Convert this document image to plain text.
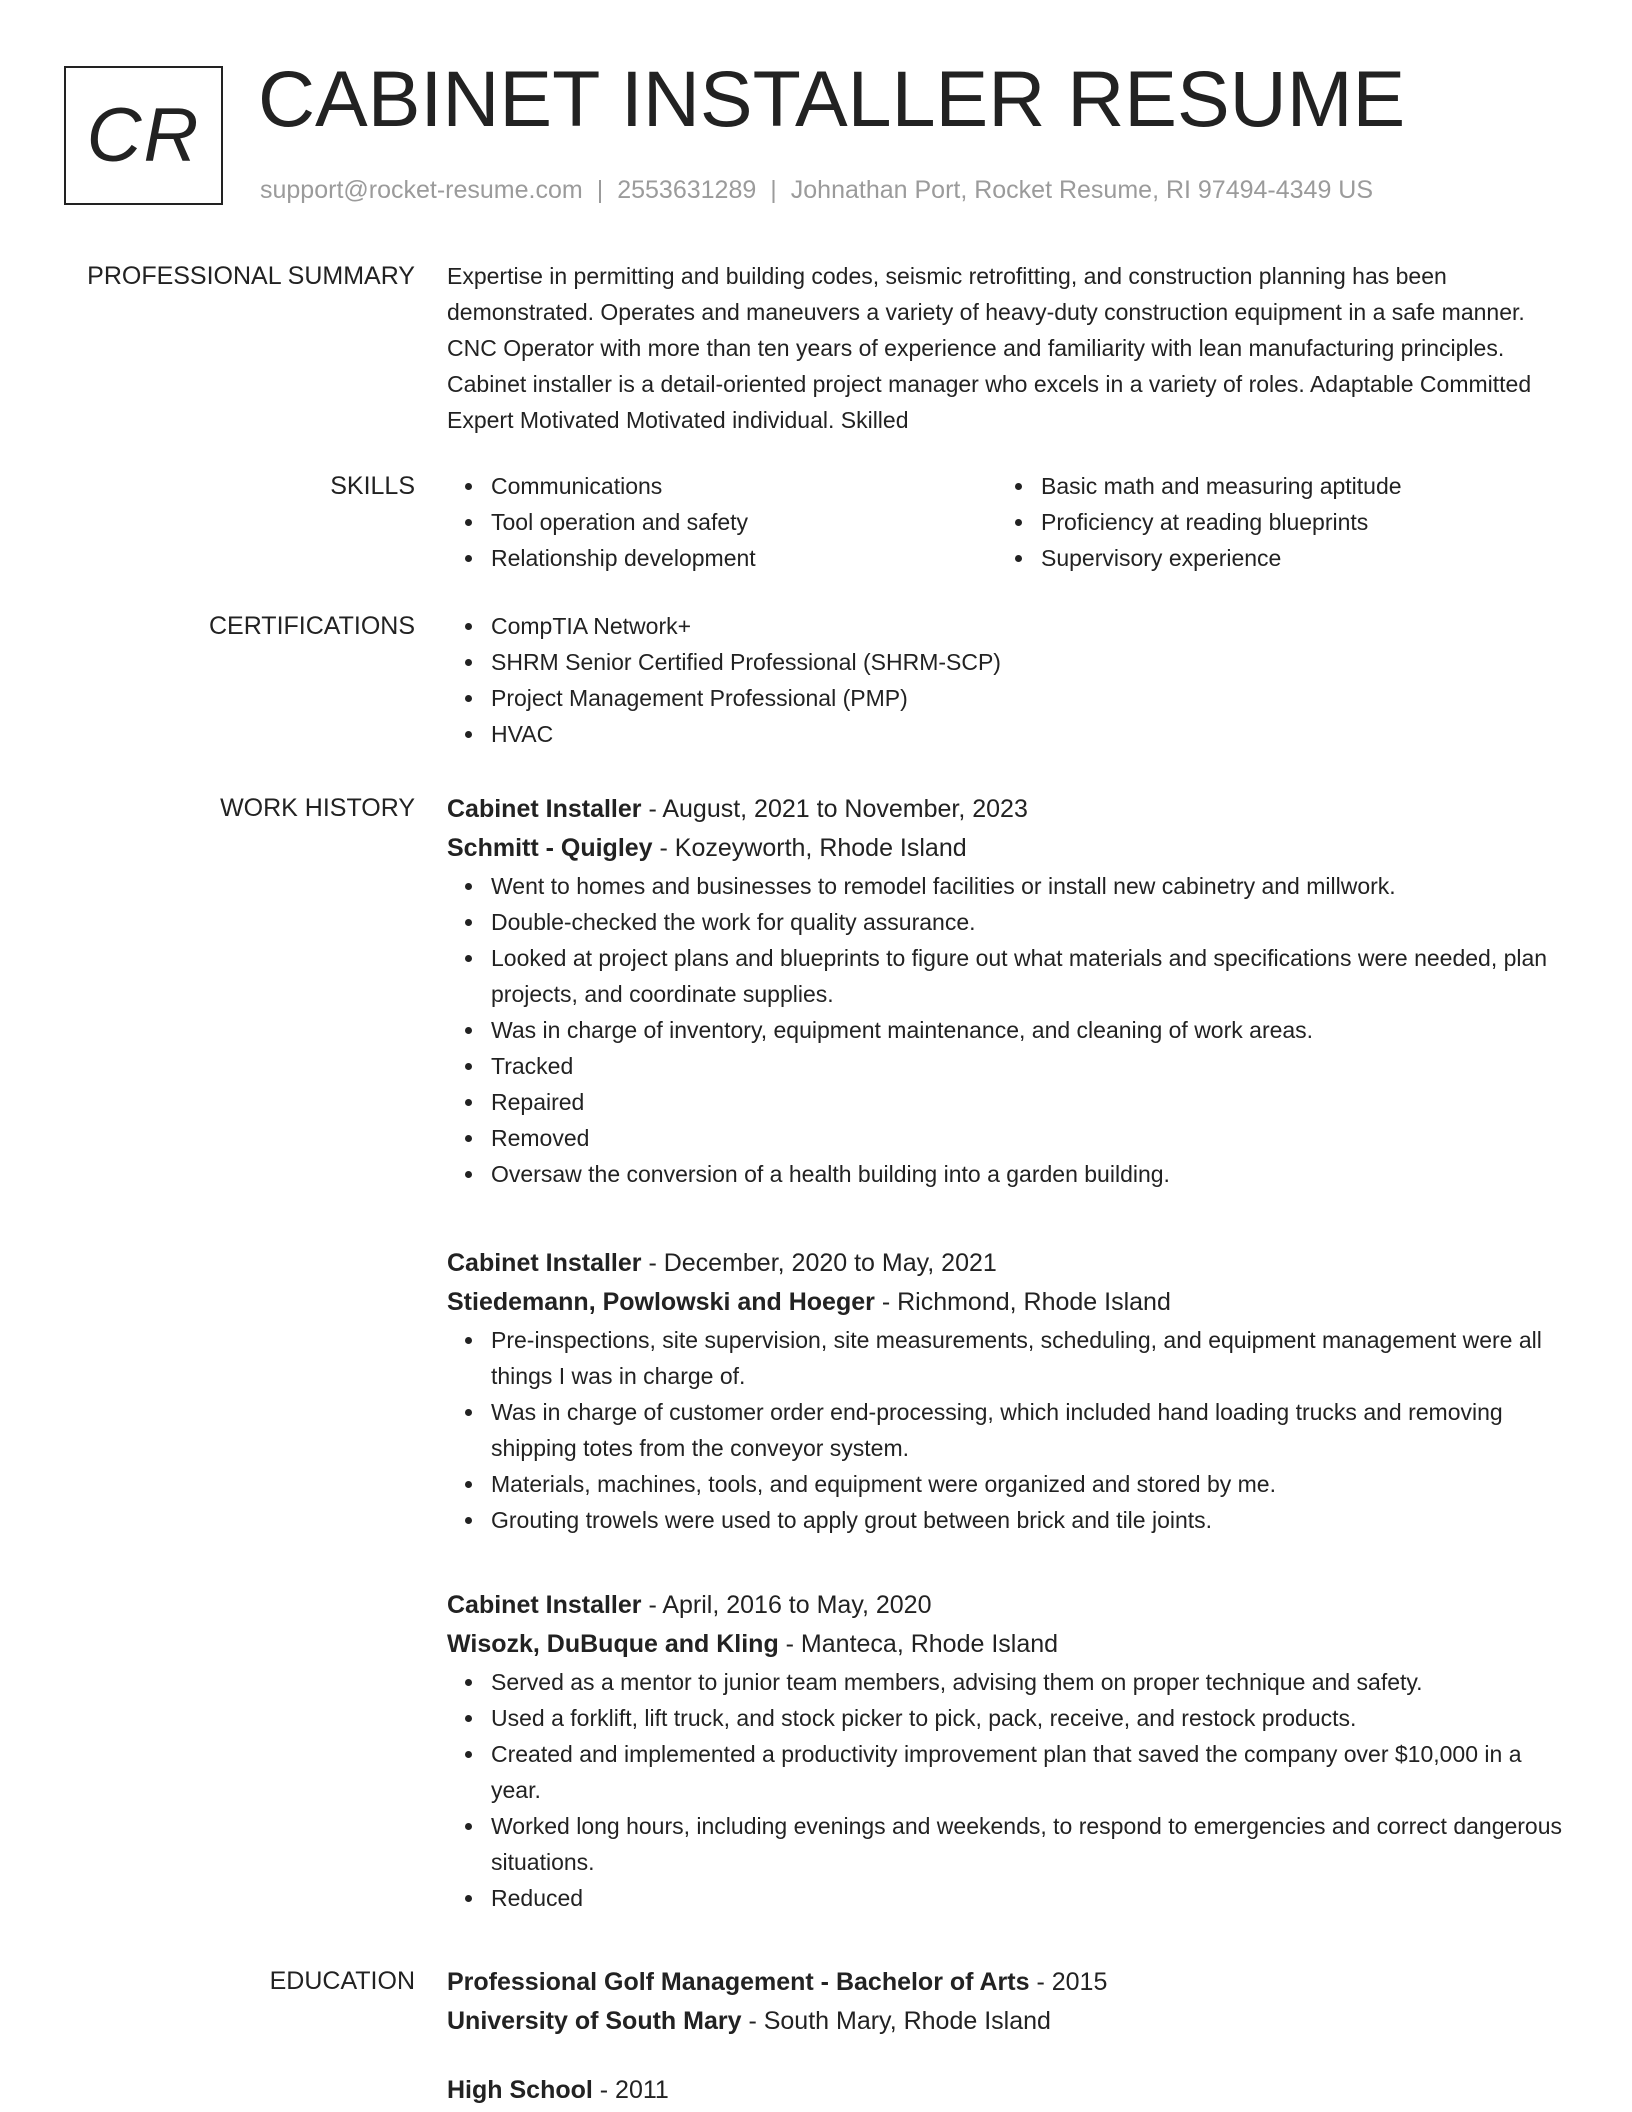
CR CABINET INSTALLER RESUME
support@rocket-resume.com | 2553631289 | Johnathan Port, Rocket Resume, RI 97494-4349 US
PROFESSIONAL SUMMARY Expertise in permitting and building codes, seismic retrofitting, and construction planning has been demonstrated. Operates and maneuvers a variety of heavy-duty construction equipment in a safe manner. CNC Operator with more than ten years of experience and familiarity with lean manufacturing principles. Cabinet installer is a detail-oriented project manager who excels in a variety of roles. Adaptable Committed Expert Motivated Motivated individual. Skilled

SKILLS	Communications
Tool operation and safety
Relationship development
Basic math and measuring aptitude
Proficiency at reading blueprints
Supervisory experience
CERTIFICATIONS	CompTIA Network+
SHRM Senior Certified Professional (SHRM-SCP)
Project Management Professional (PMP)
HVAC
WORK HISTORY Cabinet Installer - August, 2021 to November, 2023
Schmitt - Quigley - Kozeyworth, Rhode Island
Went to homes and businesses to remodel facilities or install new cabinetry and millwork.
Double-checked the work for quality assurance.
Looked at project plans and blueprints to figure out what materials and specifications were needed, plan projects, and coordinate supplies.
Was in charge of inventory, equipment maintenance, and cleaning of work areas.
Tracked
Repaired
Removed
Oversaw the conversion of a health building into a garden building.
Cabinet Installer - December, 2020 to May, 2021
Stiedemann, Powlowski and Hoeger - Richmond, Rhode Island
Pre-inspections, site supervision, site measurements, scheduling, and equipment management were all things I was in charge of.
Was in charge of customer order end-processing, which included hand loading trucks and removing shipping totes from the conveyor system.
Materials, machines, tools, and equipment were organized and stored by me.
Grouting trowels were used to apply grout between brick and tile joints.
Cabinet Installer - April, 2016 to May, 2020
Wisozk, DuBuque and Kling - Manteca, Rhode Island
Served as a mentor to junior team members, advising them on proper technique and safety.
Used a forklift, lift truck, and stock picker to pick, pack, receive, and restock products.
Created and implemented a productivity improvement plan that saved the company over $10,000 in a year.
Worked long hours, including evenings and weekends, to respond to emergencies and correct dangerous situations.
Reduced
EDUCATION Professional Golf Management - Bachelor of Arts - 2015
University of South Mary - South Mary, Rhode Island
High School - 2011
